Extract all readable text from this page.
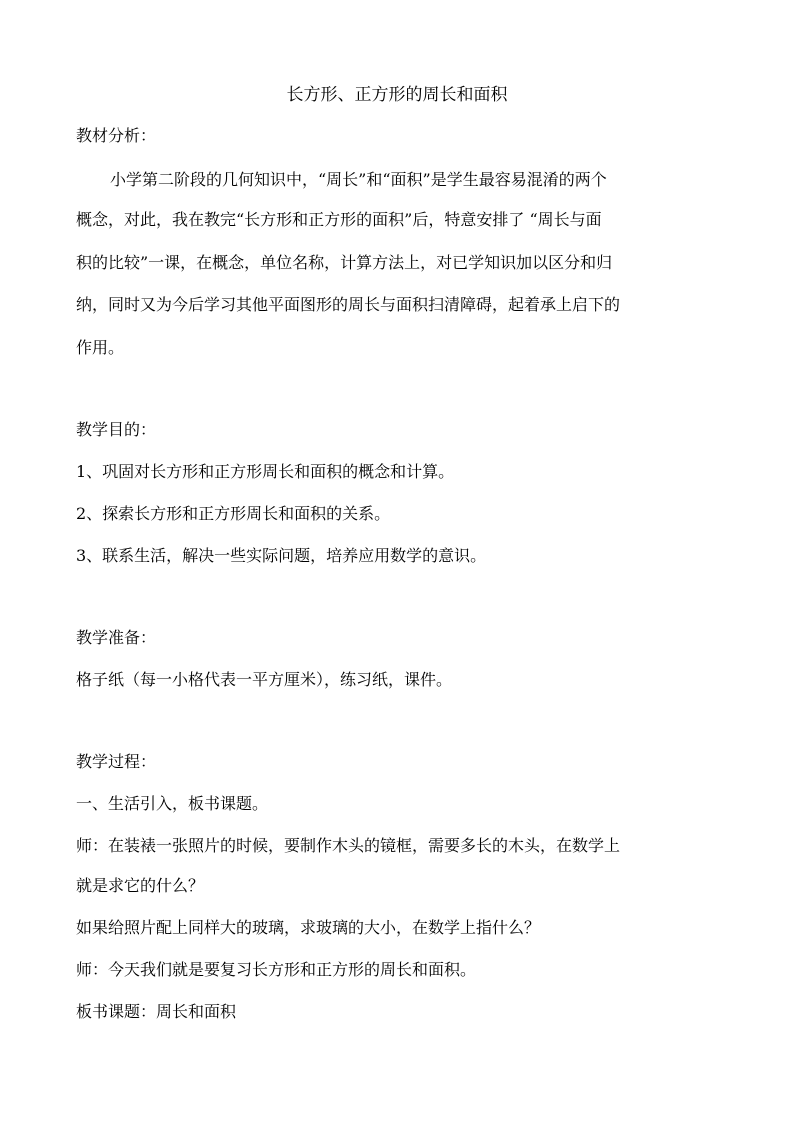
长方形、正方形的周长和面积
教材分析：
小学第二阶段的几何知识中，“周长”和“面积”是学生最容易混淆的两个
概念，对此，我在教完“长方形和正方形的面积”后，特意安排了 “周长与面
积的比较”一课，在概念，单位名称，计算方法上，对已学知识加以区分和归
纳，同时又为今后学习其他平面图形的周长与面积扫清障碍，起着承上启下的
作用。
教学目的：
1、巩固对长方形和正方形周长和面积的概念和计算。
2、探索长方形和正方形周长和面积的关系。
3、联系生活，解决一些实际问题，培养应用数学的意识。
教学准备：
格子纸（每一小格代表一平方厘米），练习纸，课件。
教学过程：
一、生活引入，板书课题。
师：在装裱一张照片的时候，要制作木头的镜框，需要多长的木头，在数学上
就是求它的什么？
如果给照片配上同样大的玻璃，求玻璃的大小，在数学上指什么？
师：今天我们就是要复习长方形和正方形的周长和面积。
板书课题：周长和面积
